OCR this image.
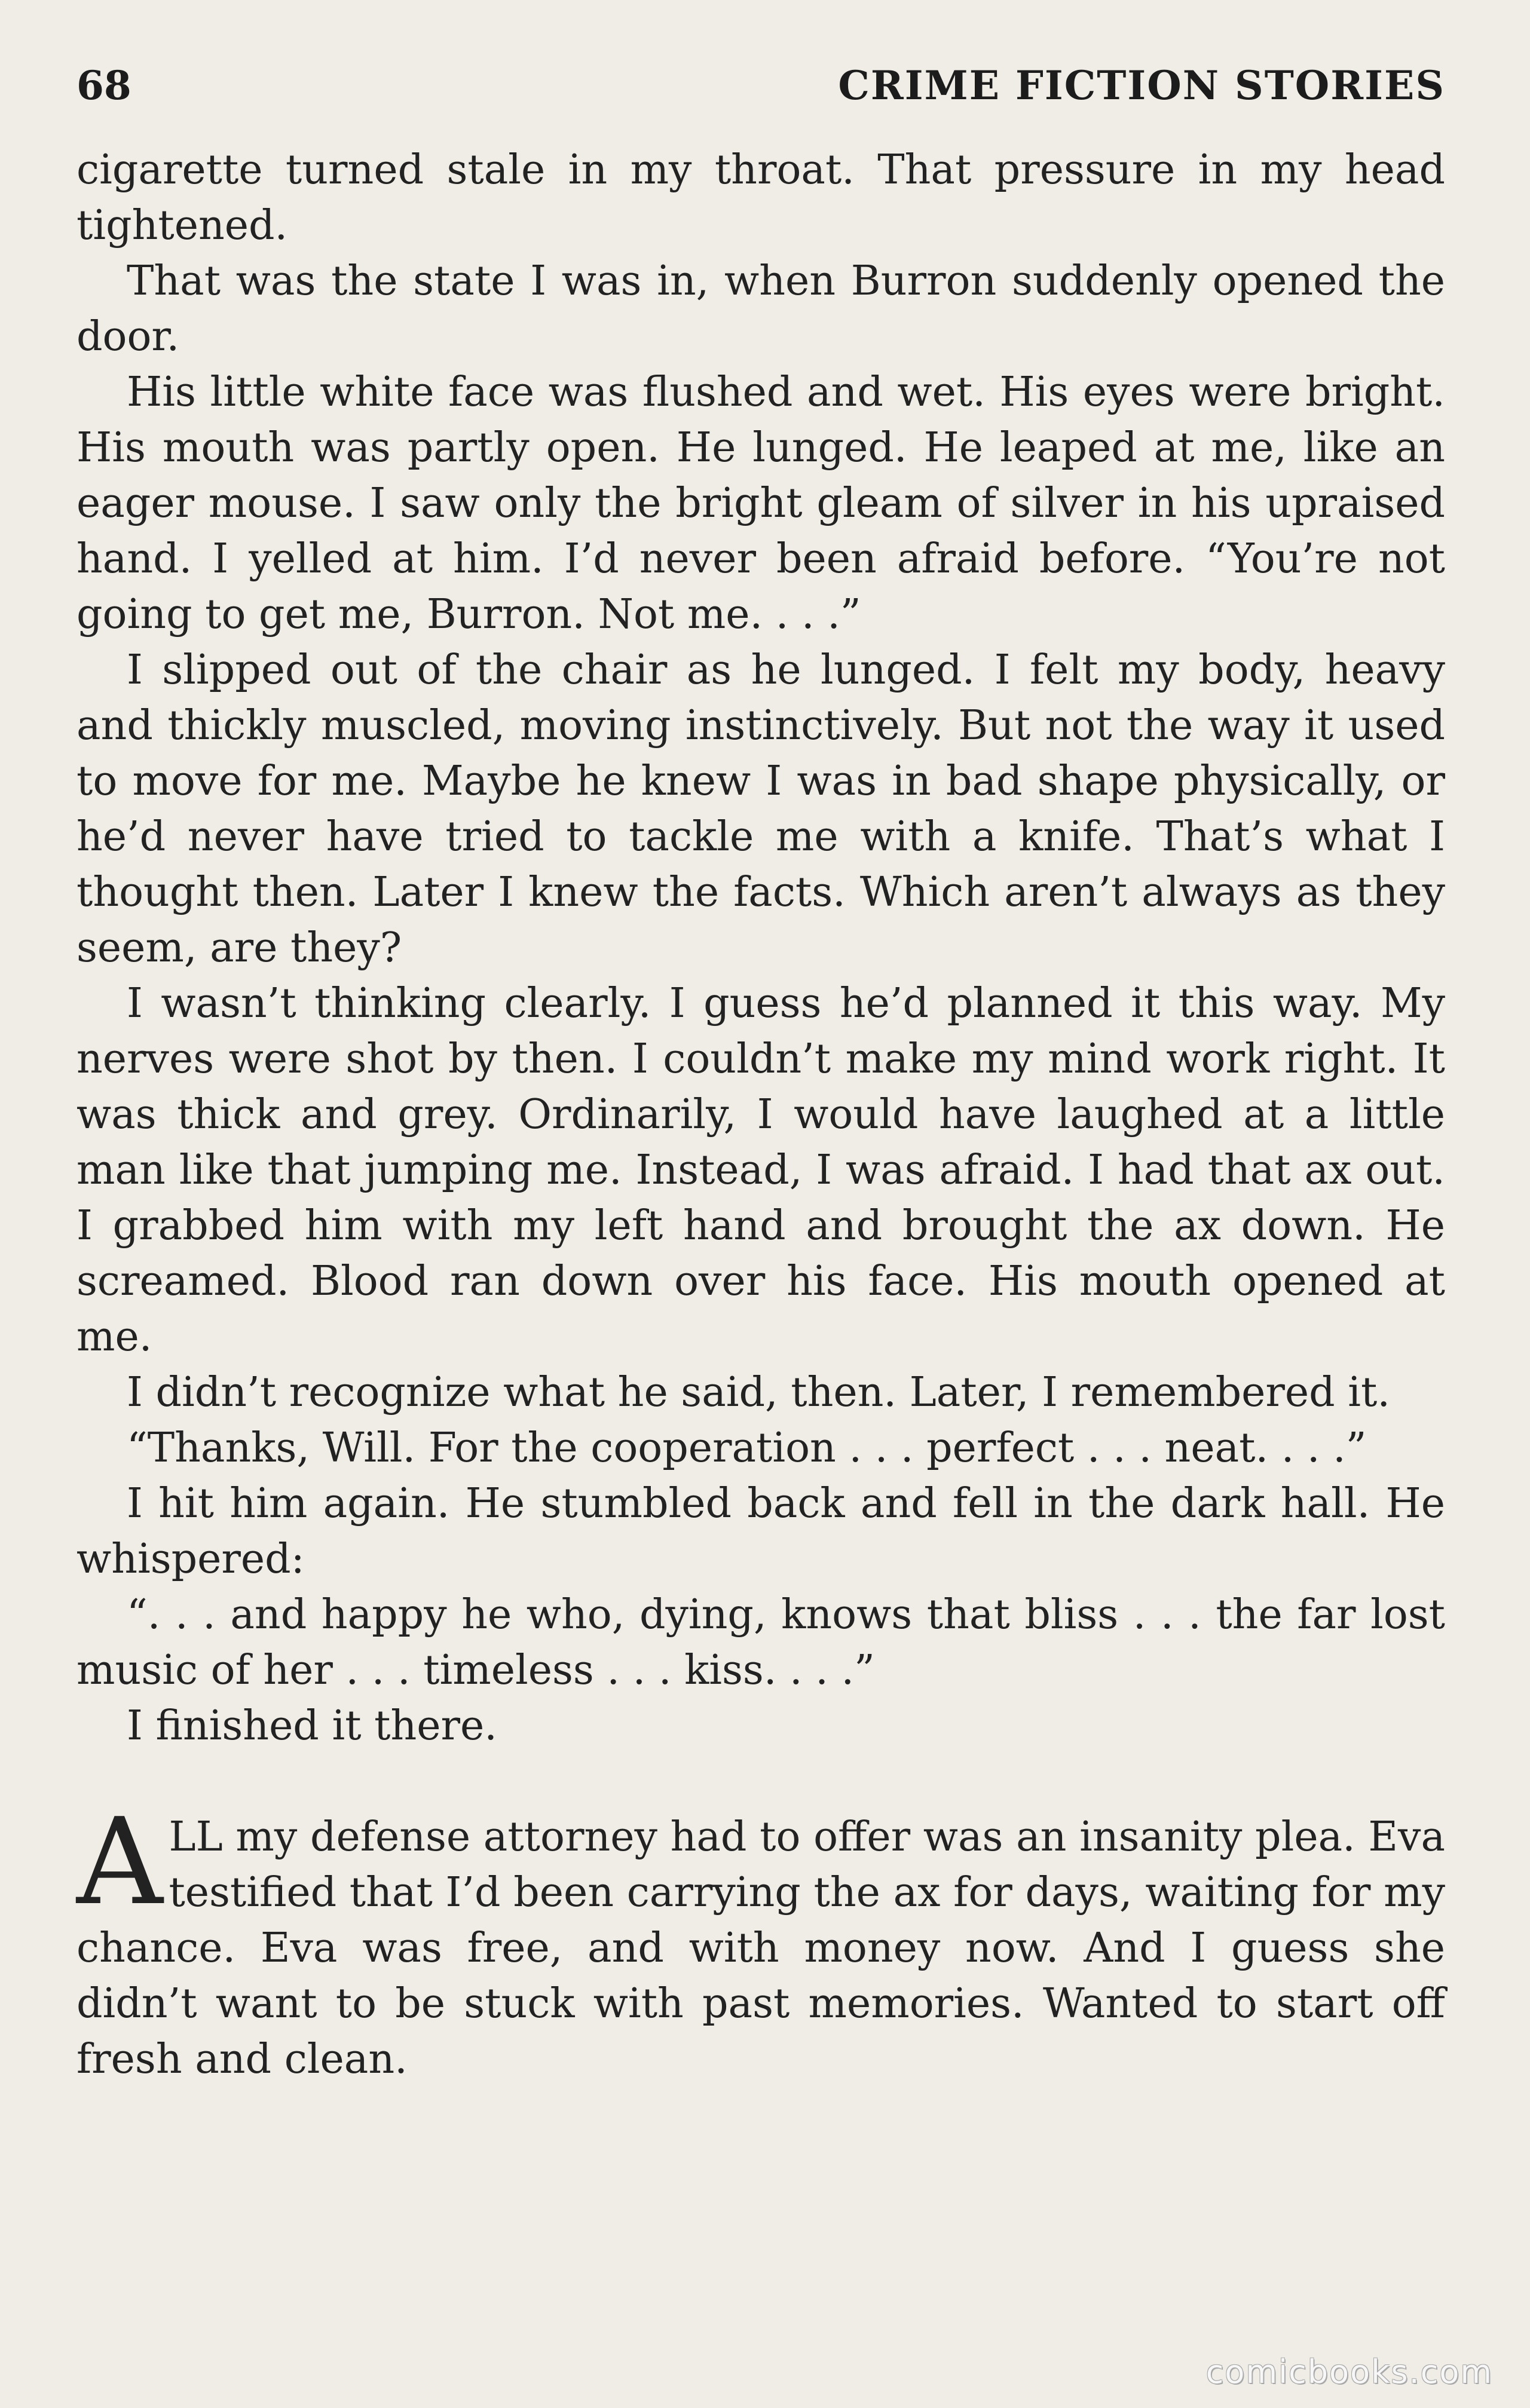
68	CRIME FICTION STORIES

cigarette turned stale in my throat. That pressure in my head tightened.

That was the state I was in, when Burron suddenly opened the door.

His little white face was flushed and wet. His eyes were bright. His mouth was partly open. He lunged. He leaped at me, like an eager mouse. I saw only the bright gleam of silver in his upraised hand. I yelled at him. I’d never been afraid before. “You’re not going to get me, Burron. Not me. . . .”

I slipped out of the chair as he lunged. I felt my body, heavy and thickly muscled, moving instinctively. But not the way it used to move for me. Maybe he knew I was in bad shape physically, or he’d never have tried to tackle me with a knife. That’s what I thought then. Later I knew the facts. Which aren’t always as they seem, are they?

I wasn’t thinking clearly. I guess he’d planned it this way. My nerves were shot by then. I couldn’t make my mind work right. It was thick and grey. Ordinarily, I would have laughed at a little man like that jumping me. Instead, I was afraid. I had that ax out. I grabbed him with my left hand and brought the ax down. He screamed. Blood ran down over his face. His mouth opened at me.

I didn’t recognize what he said, then. Later, I remembered it.

“Thanks, Will. For the cooperation . . . perfect . . . neat. . . .”

I hit him again. He stumbled back and fell in the dark hall. He whispered:

“. . . and happy he who, dying, knows that bliss . . . the far lost music of her . . . timeless . . . kiss. . . .”

I finished it there.

ALL my defense attorney had to offer was an insanity plea. Eva testified that I’d been carrying the ax for days, waiting for my chance. Eva was free, and with money now. And I guess she didn’t want to be stuck with past memories. Wanted to start off fresh and clean.

comicbooks.com
